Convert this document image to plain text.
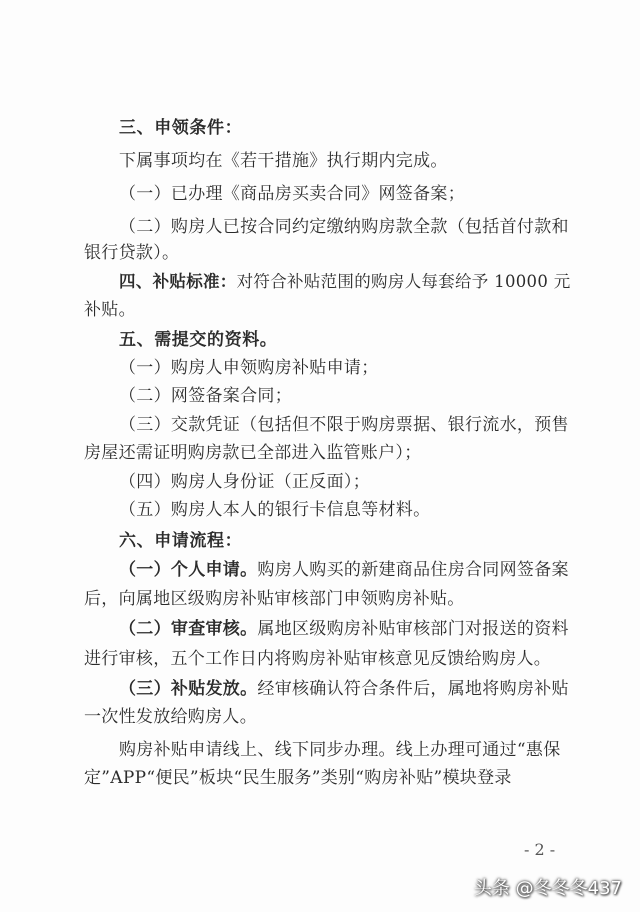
三、申领条件：
下属事项均在《若干措施》执行期内完成。
（一）已办理《商品房买卖合同》网签备案；
（二）购房人已按合同约定缴纳购房款全款（包括首付款和
银行贷款）。
四、补贴标准：对符合补贴范围的购房人每套给予 10000 元
补贴。
五、需提交的资料。
（一）购房人申领购房补贴申请；
（二）网签备案合同；
（三）交款凭证（包括但不限于购房票据、银行流水，预售
房屋还需证明购房款已全部进入监管账户）；
（四）购房人身份证（正反面）；
（五）购房人本人的银行卡信息等材料。
六、申请流程：
（一）个人申请。购房人购买的新建商品住房合同网签备案
后，向属地区级购房补贴审核部门申领购房补贴。
（二）审查审核。属地区级购房补贴审核部门对报送的资料
进行审核，五个工作日内将购房补贴审核意见反馈给购房人。
（三）补贴发放。经审核确认符合条件后，属地将购房补贴
一次性发放给购房人。
购房补贴申请线上、线下同步办理。线上办理可通过“惠保
定”APP“便民”板块“民生服务”类别“购房补贴”模块登录
- 2 -
头条 @冬冬冬437
